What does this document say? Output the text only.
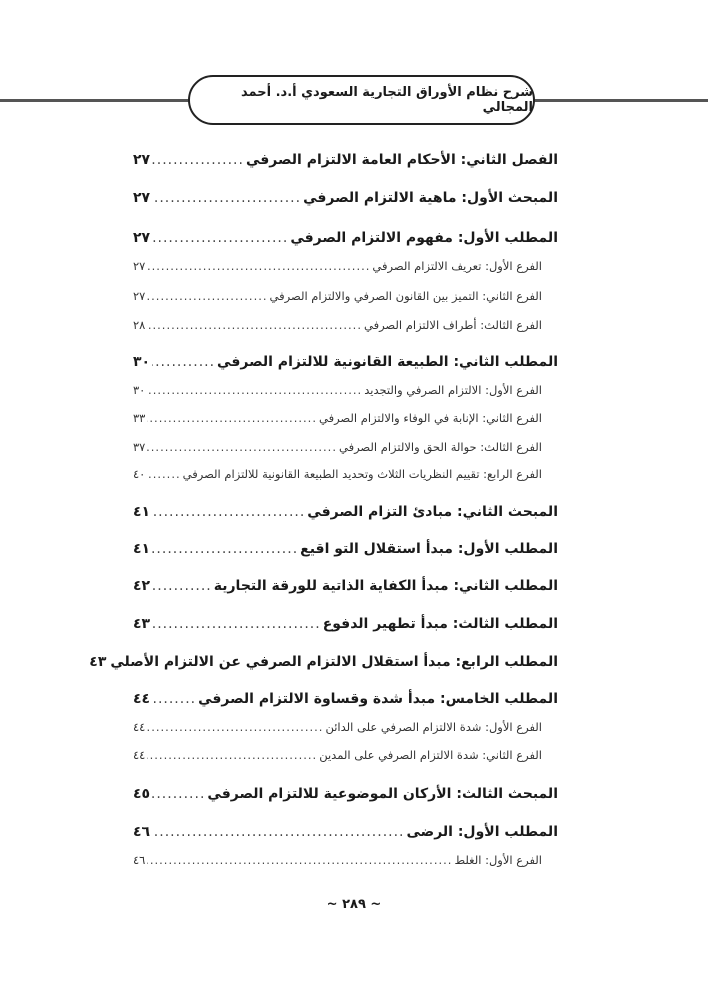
شرح نظام الأوراق التجارية السعودي أ.د. أحمد المجالي
الفصل الثاني: الأحكام العامة الالتزام الصرفي
.....
٢٧
المبحث الأول: ماهية الالتزام الصرفي
.....
٢٧
المطلب الأول: مفهوم الالتزام الصرفي
.....
٢٧
الفرع الأول: تعريف الالتزام الصرفي
.....
٢٧
الفرع الثاني: التميز بين القانون الصرفي والالتزام الصرفي
.....
٢٧
الفرع الثالث: أطراف الالتزام الصرفي
.....
٢٨
المطلب الثاني: الطبيعة القانونية للالتزام الصرفي
.....
٣٠
الفرع الأول: الالتزام الصرفي والتجديد
.....
٣٠
الفرع الثاني: الإنابة في الوفاء والالتزام الصرفي
.....
٣٣
الفرع الثالث: حوالة الحق والالتزام الصرفي
.....
٣٧
الفرع الرابع: تقييم النظريات الثلاث وتحديد الطبيعة القانونية للالتزام الصرفي
.....
٤٠
المبحث الثاني: مبادئ التزام الصرفي
.....
٤١
المطلب الأول: مبدأ استقلال التو اقيع
.....
٤١
المطلب الثاني: مبدأ الكفاية الذاتية للورقة التجارية
.....
٤٢
المطلب الثالث: مبدأ تطهير الدفوع
.....
٤٣
المطلب الرابع: مبدأ استقلال الالتزام الصرفي عن الالتزام الأصلي
٤٣
المطلب الخامس: مبدأ شدة وقساوة الالتزام الصرفي
.....
٤٤
الفرع الأول: شدة الالتزام الصرفي على الدائن
.....
٤٤
الفرع الثاني: شدة الالتزام الصرفي على المدين
.....
٤٤
المبحث الثالث: الأركان الموضوعية للالتزام الصرفي
.....
٤٥
المطلب الأول: الرضى
.....
٤٦
الفرع الأول: الغلط
.....
٤٦
~ ٢٨٩ ~
